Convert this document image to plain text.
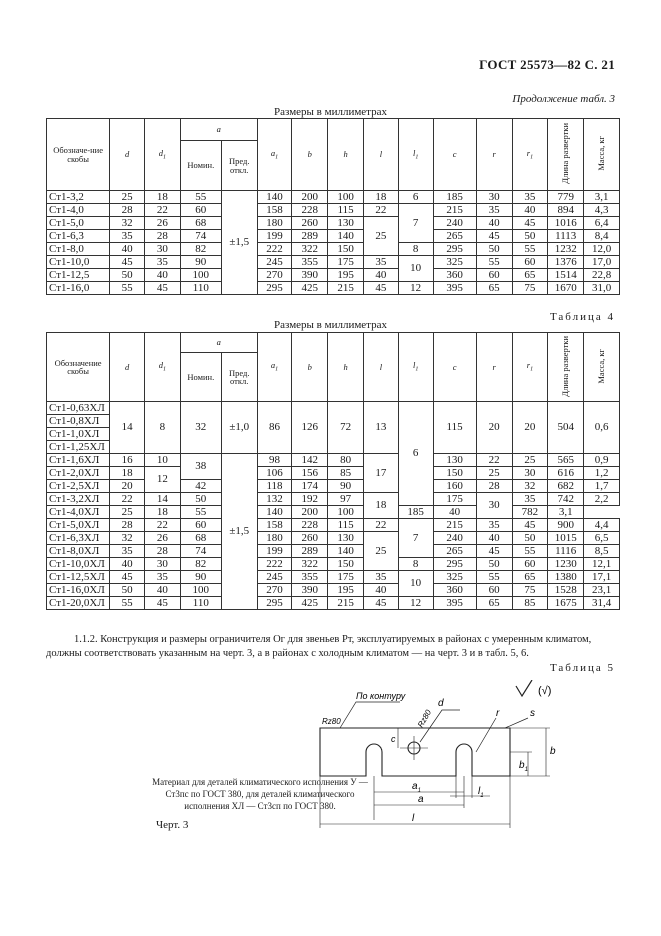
ГОСТ 25573—82 С. 21
Продолжение табл. 3
Размеры в миллиметрах
Обозначе-ние скобы	d	$d_1$	a		$a_1$	b	h	l	$l_1$	c	r	$r_1$	Длина развертки	Масса, кг
			Номин.	Пред. откл.										
Ст1-3,2	25	18	55	±1,5	140	200	100	18	6	185	30	35	779	3,1
Ст1-4,0	28	22	60		158	228	115	22	7	215	35	40	894	4,3
Ст1-5,0	32	26	68		180	260	130	25		240	40	45	1016	6,4
Ст1-6,3	35	28	74		199	289	140			265	45	50	1113	8,4
Ст1-8,0	40	30	82		222	322	150		8	295	50	55	1232	12,0
Ст1-10,0	45	35	90		245	355	175	35	10	325	55	60	1376	17,0
Ст1-12,5	50	40	100		270	390	195	40		360	60	65	1514	22,8
Ст1-16,0	55	45	110		295	425	215	45	12	395	65	75	1670	31,0
Таблица 4
Размеры в миллиметрах
Обозначение скобы	d	$d_1$	a		$a_1$	b	h	l	$l_1$	c	r	$r_1$	Длина развертки	Масса, кг
			Номин.	Пред. откл.										
Ст1-0,63ХЛ	14	8	32	±1,0	86	126	72	13	6	115	20	20	504	0,6
Ст1-0,8ХЛ														
Ст1-1,0ХЛ														
Ст1-1,25ХЛ														
Ст1-1,6ХЛ	16	10	38	±1,5	98	142	80	17		130	22	25	565	0,9
Ст1-2,0ХЛ	18	12			106	156	85			150	25	30	616	1,2
Ст1-2,5ХЛ	20		42		118	174	90			160	28	32	682	1,7
Ст1-3,2ХЛ	22	14	50		132	192	97	18		175	30	35	742	2,2
Ст1-4,0ХЛ	25	18	55		140	200	100		185	40		782	3,1	
Ст1-5,0ХЛ	28	22	60		158	228	115	22	7	215	35	45	900	4,4
Ст1-6,3ХЛ	32	26	68		180	260	130	25		240	40	50	1015	6,5
Ст1-8,0ХЛ	35	28	74		199	289	140			265	45	55	1116	8,5
Ст1-10,0ХЛ	40	30	82		222	322	150		8	295	50	60	1230	12,1
Ст1-12,5ХЛ	45	35	90		245	355	175	35	10	325	55	65	1380	17,1
Ст1-16,0ХЛ	50	40	100		270	390	195	40		360	60	75	1528	23,1
Ст1-20,0ХЛ	55	45	110		295	425	215	45	12	395	65	85	1675	31,4
1.1.2. Конструкция и размеры ограничителя Ог для звеньев Рт, эксплуатируемых в районах с умеренным климатом, должны соответствовать указанным на черт. 3, а в районах с холодным климатом — на черт. 3 и в табл. 5, 6.
Таблица 5
По контуру
Rz80	Rz80
(√)
d
r	s
c
b
$b_1$
$a_1$
a
$l_1$
l
Материал для деталей климатического исполнения У — Ст3пс по ГОСТ 380, для деталей климатического исполнения ХЛ — Ст3сп по ГОСТ 380.
Черт. 3
